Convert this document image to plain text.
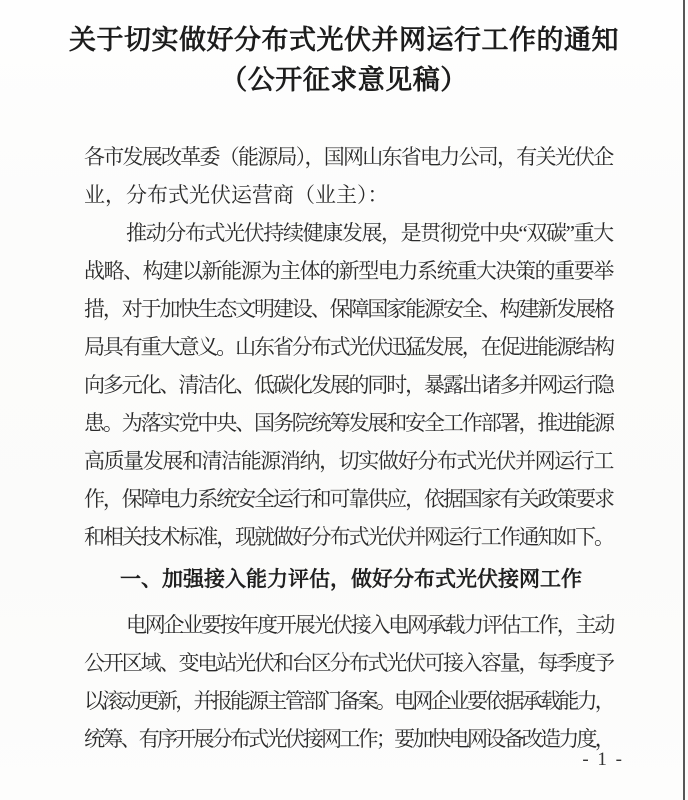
关于切实做好分布式光伏并网运行工作的通知
（公开征求意见稿）
各市发展改革委（能源局），国网山东省电力公司，有关光伏企
业，分布式光伏运营商（业主）：
推动分布式光伏持续健康发展，是贯彻党中央“双碳”重大
战略、构建以新能源为主体的新型电力系统重大决策的重要举
措，对于加快生态文明建设、保障国家能源安全、构建新发展格
局具有重大意义。山东省分布式光伏迅猛发展，在促进能源结构
向多元化、清洁化、低碳化发展的同时，暴露出诸多并网运行隐
患。为落实党中央、国务院统筹发展和安全工作部署，推进能源
高质量发展和清洁能源消纳，切实做好分布式光伏并网运行工
作，保障电力系统安全运行和可靠供应，依据国家有关政策要求
和相关技术标准，现就做好分布式光伏并网运行工作通知如下。
一、加强接入能力评估，做好分布式光伏接网工作
电网企业要按年度开展光伏接入电网承载力评估工作，主动
公开区域、变电站光伏和台区分布式光伏可接入容量，每季度予
以滚动更新，并报能源主管部门备案。电网企业要依据承载能力，
统筹、有序开展分布式光伏接网工作；要加快电网设备改造力度，
- 1 -
